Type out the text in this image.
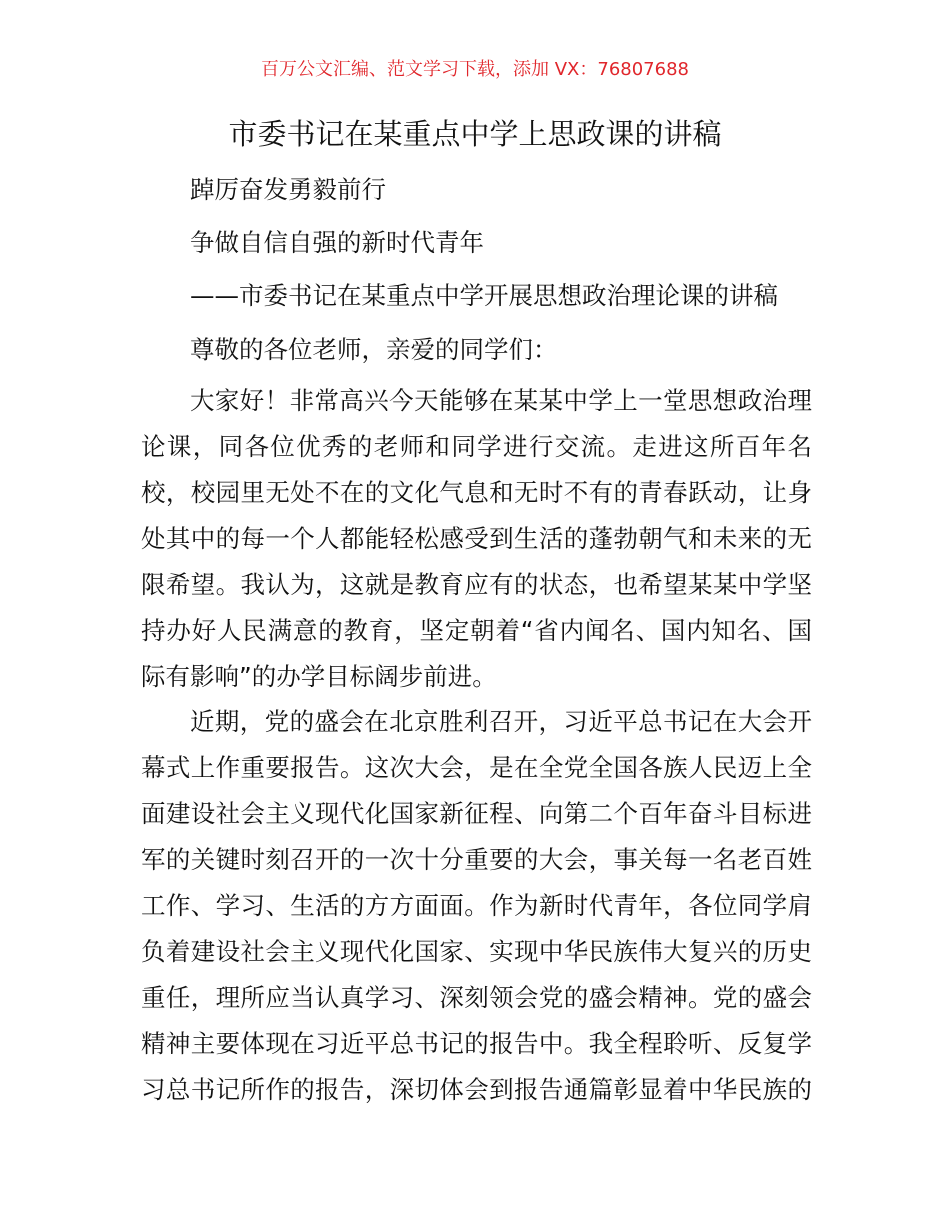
百万公文汇编、范文学习下载，添加 VX：76807688
市委书记在某重点中学上思政课的讲稿
踔厉奋发勇毅前行
争做自信自强的新时代青年
——市委书记在某重点中学开展思想政治理论课的讲稿
尊敬的各位老师，亲爱的同学们：
大家好！非常高兴今天能够在某某中学上一堂思想政治理
论课，同各位优秀的老师和同学进行交流。走进这所百年名
校，校园里无处不在的文化气息和无时不有的青春跃动，让身
处其中的每一个人都能轻松感受到生活的蓬勃朝气和未来的无
限希望。我认为，这就是教育应有的状态，也希望某某中学坚
持办好人民满意的教育，坚定朝着“省内闻名、国内知名、国
际有影响”的办学目标阔步前进。
近期，党的盛会在北京胜利召开，习近平总书记在大会开
幕式上作重要报告。这次大会，是在全党全国各族人民迈上全
面建设社会主义现代化国家新征程、向第二个百年奋斗目标进
军的关键时刻召开的一次十分重要的大会，事关每一名老百姓
工作、学习、生活的方方面面。作为新时代青年，各位同学肩
负着建设社会主义现代化国家、实现中华民族伟大复兴的历史
重任，理所应当认真学习、深刻领会党的盛会精神。党的盛会
精神主要体现在习近平总书记的报告中。我全程聆听、反复学
习总书记所作的报告，深切体会到报告通篇彰显着中华民族的
